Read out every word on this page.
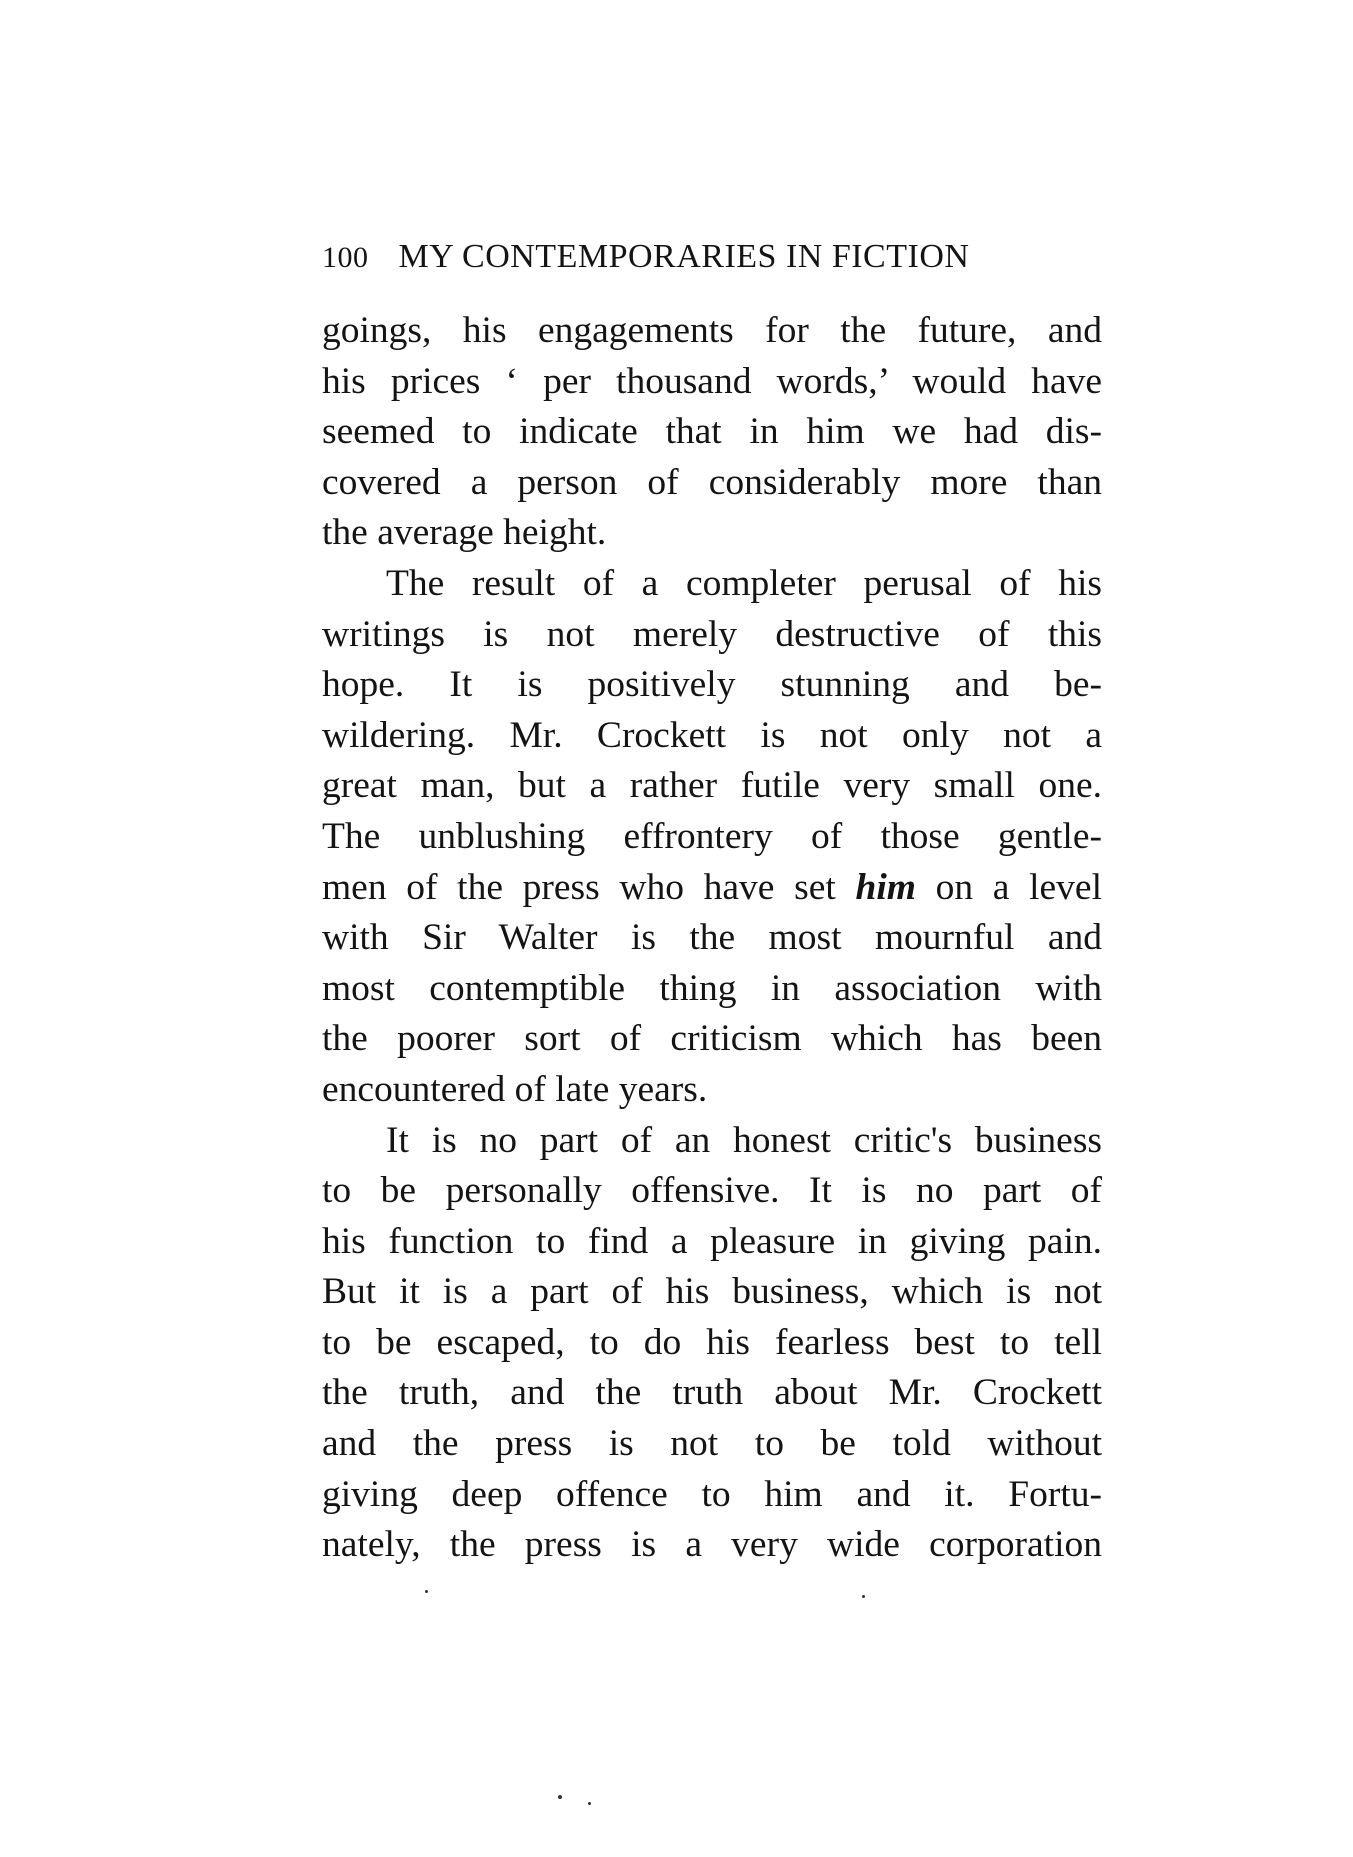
100 MY CONTEMPORARIES IN FICTION
goings, his engagements for the future, and
his prices ‘ per thousand words,’ would have
seemed to indicate that in him we had dis-
covered a person of considerably more than
the average height.
The result of a completer perusal of his
writings is not merely destructive of this
hope. It is positively stunning and be-
wildering. Mr. Crockett is not only not a
great man, but a rather futile very small one.
The unblushing effrontery of those gentle-
men of the press who have set him on a level
with Sir Walter is the most mournful and
most contemptible thing in association with
the poorer sort of criticism which has been
encountered of late years.
It is no part of an honest critic's business
to be personally offensive. It is no part of
his function to find a pleasure in giving pain.
But it is a part of his business, which is not
to be escaped, to do his fearless best to tell
the truth, and the truth about Mr. Crockett
and the press is not to be told without
giving deep offence to him and it. Fortu-
nately, the press is a very wide corporation
